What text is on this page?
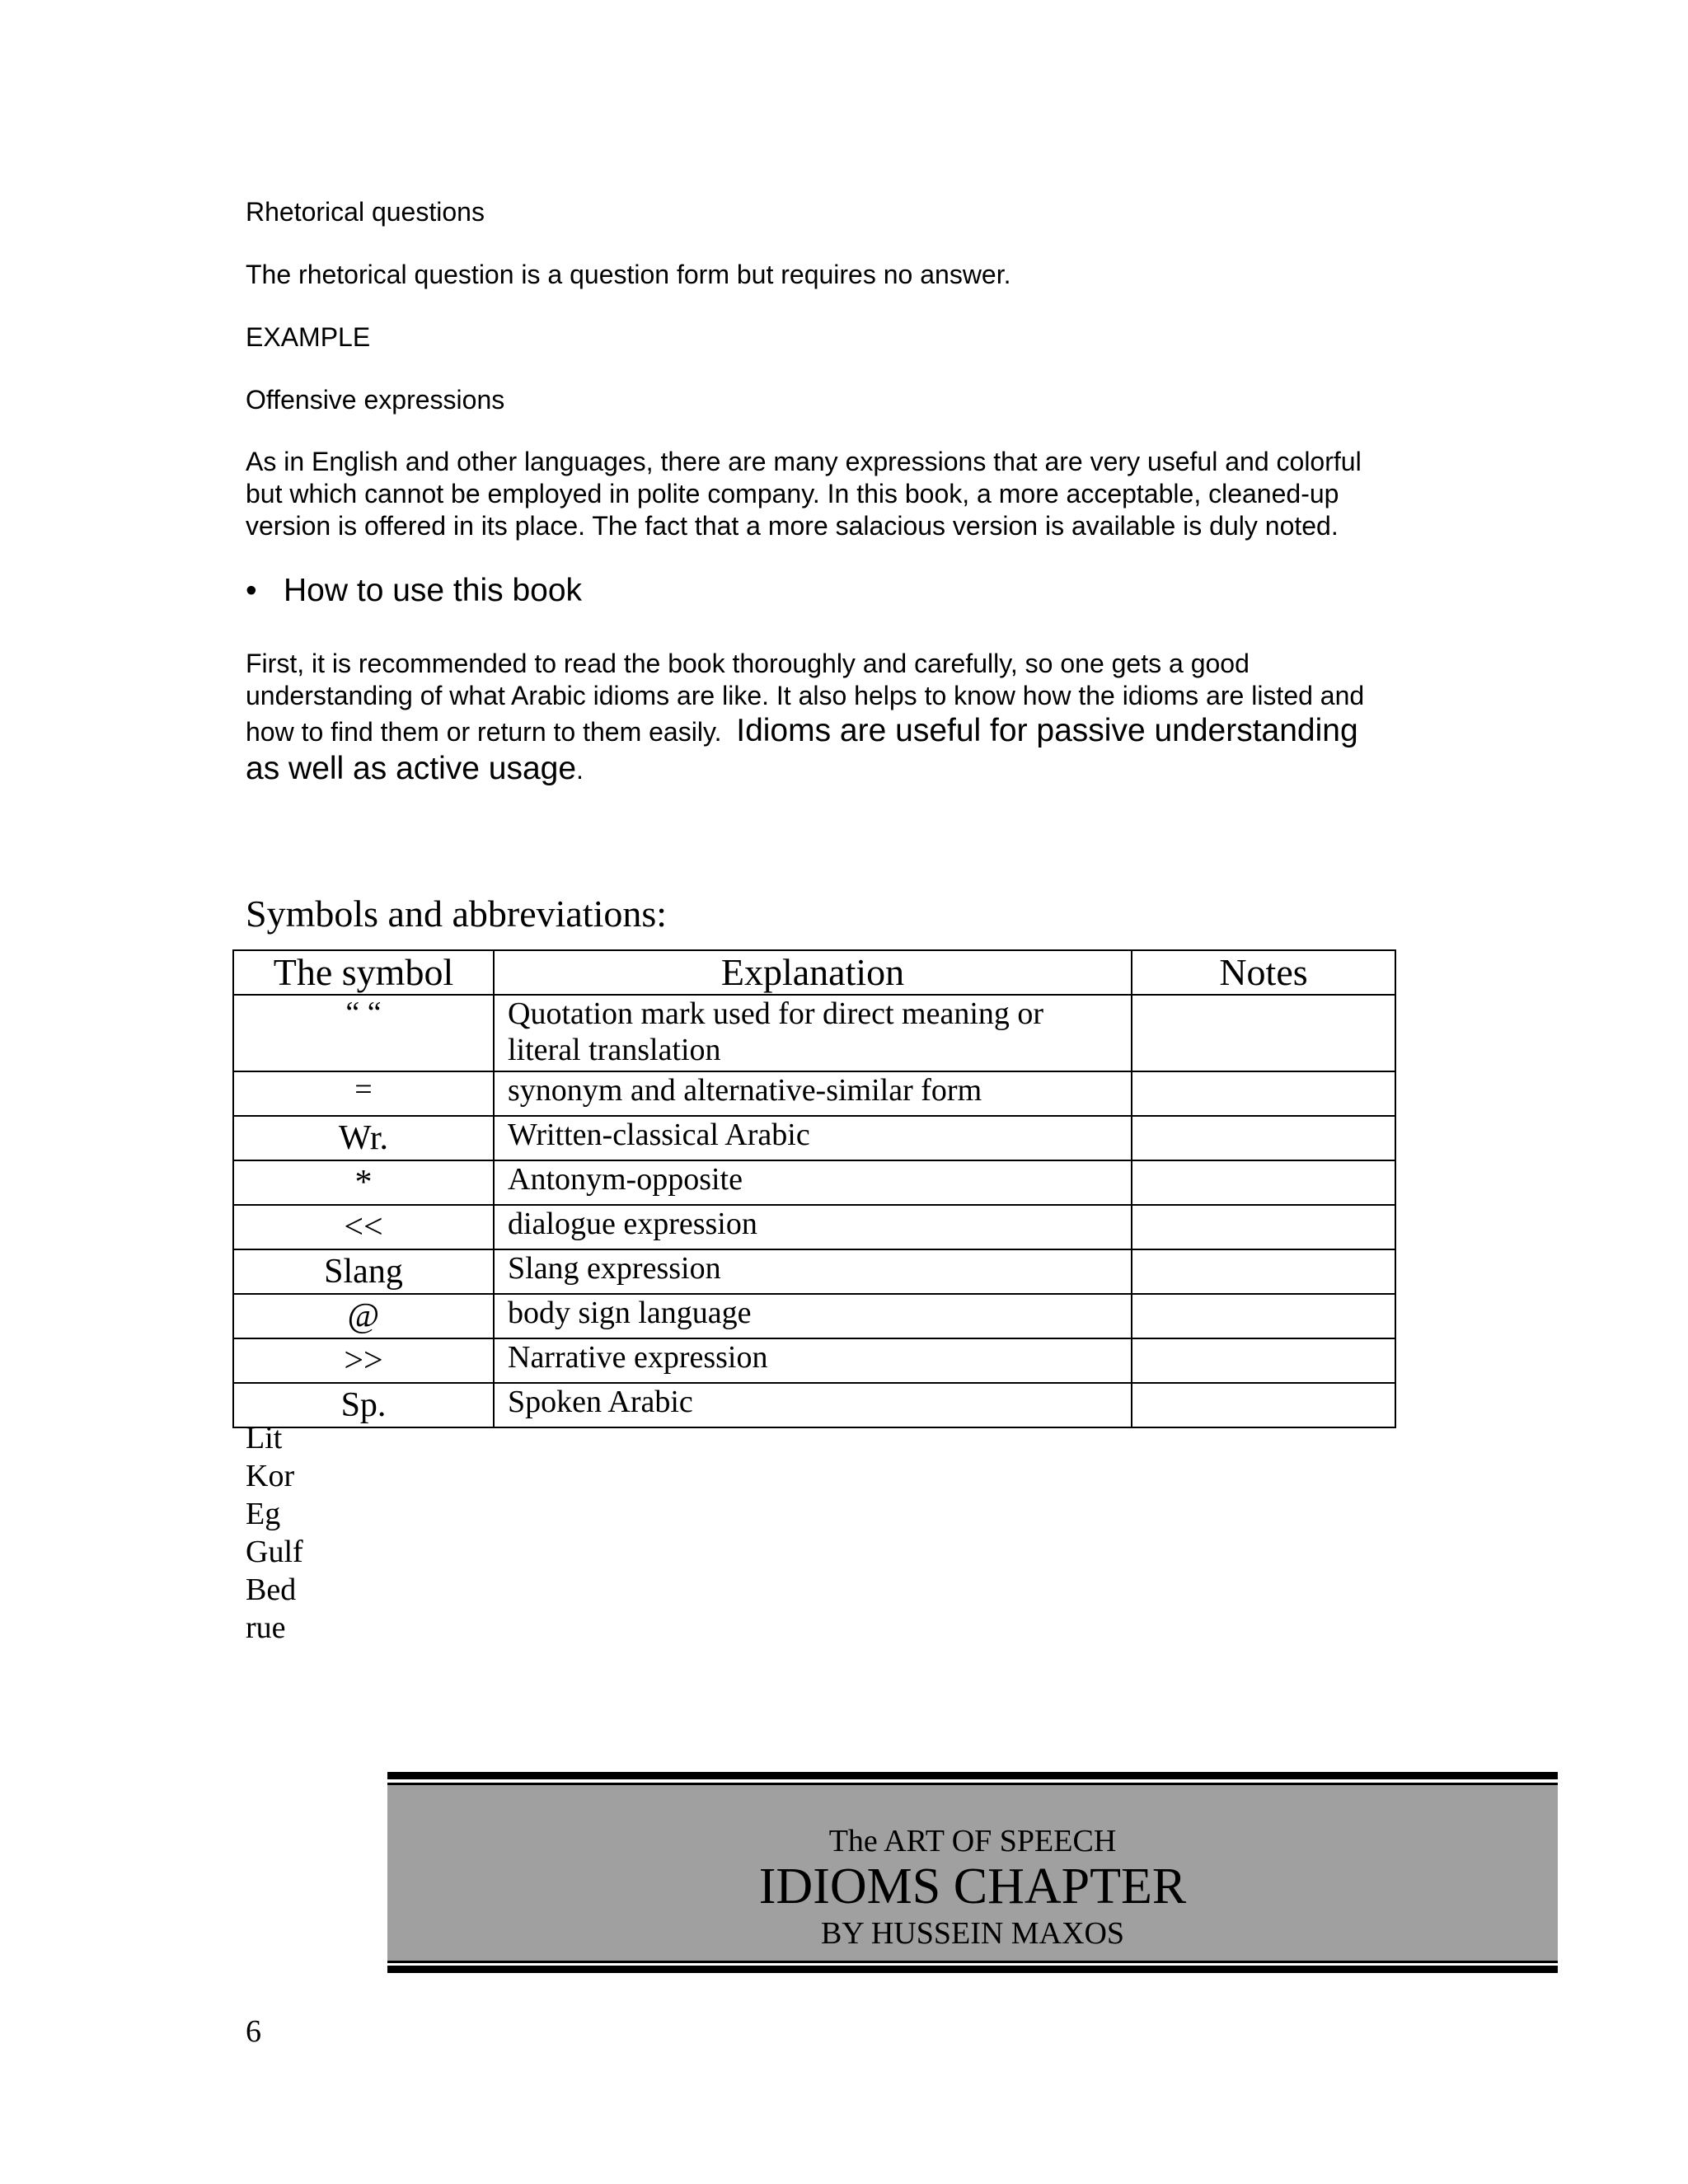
Rhetorical questions

The rhetorical question is a question form but requires no answer.

EXAMPLE

Offensive expressions

As in English and other languages, there are many expressions that are very useful and colorful
but which cannot be employed in polite company. In this book, a more acceptable, cleaned-up
version is offered in its place. The fact that a more salacious version is available is duly noted.
• How to use this book
First, it is recommended to read the book thoroughly and carefully, so one gets a good
understanding of what Arabic idioms are like. It also helps to know how the idioms are listed and
how to find them or return to them easily. Idioms are useful for passive understanding
as well as active usage.

Symbols and abbreviations:

The symbol	Explanation	Notes
“ “	Quotation mark used for direct meaning or
literal translation	

=	synonym and alternative-similar form	
Wr.	Written-classical Arabic	
*	Antonym-opposite	
<<	dialogue expression	
Slang	Slang expression	
@	body sign language	
>>	Narrative expression	
Sp.	Spoken Arabic	
Lit
Kor
Eg
Gulf
Bed
rue
The ART OF SPEECH
IDIOMS CHAPTER
BY HUSSEIN MAXOS

6
